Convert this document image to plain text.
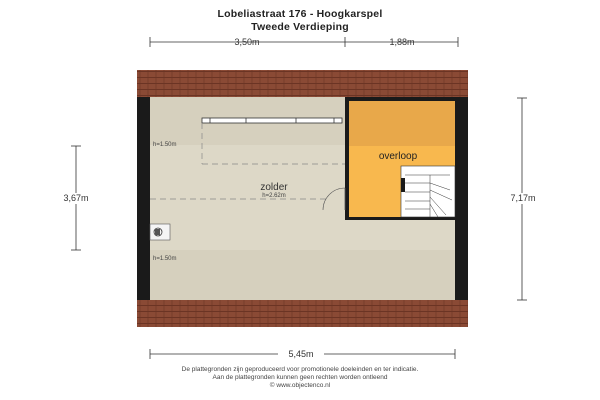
Lobeliastraat 176 - Hoogkarspel
Tweede Verdieping
3,50m	1,88m
3,67m	7,17m
zolder
h=2.62m
overloop
h=1.50m
h=1.50m
5,45m
De plattegronden zijn geproduceerd voor promotionele doeleinden en ter indicatie.
Aan de plattegronden kunnen geen rechten worden ontleend
© www.objectenco.nl
